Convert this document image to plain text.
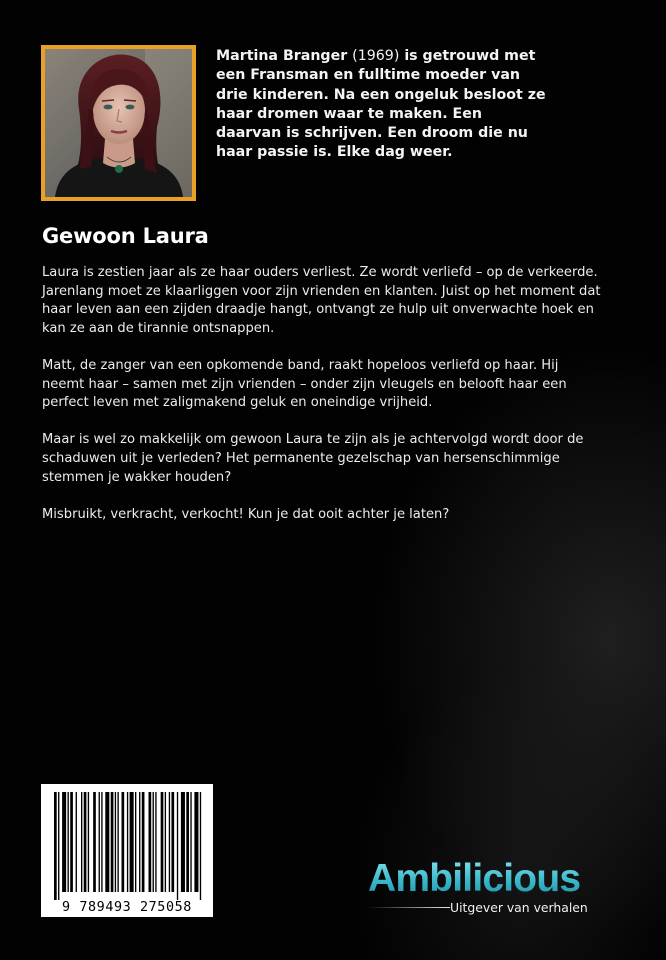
Martina Branger (1969) is getrouwd met een Fransman en fulltime moeder van drie kinderen. Na een ongeluk besloot ze haar dromen waar te maken. Een daarvan is schrijven. Een droom die nu haar passie is. Elke dag weer.

Gewoon Laura

Laura is zestien jaar als ze haar ouders verliest. Ze wordt verliefd – op de verkeerde. Jarenlang moet ze klaarliggen voor zijn vrienden en klanten. Juist op het moment dat haar leven aan een zijden draadje hangt, ontvangt ze hulp uit onverwachte hoek en kan ze aan de tirannie ontsnappen.

Matt, de zanger van een opkomende band, raakt hopeloos verliefd op haar. Hij neemt haar – samen met zijn vrienden – onder zijn vleugels en belooft haar een perfect leven met zaligmakend geluk en oneindige vrijheid.

Maar is wel zo makkelijk om gewoon Laura te zijn als je achtervolgd wordt door de schaduwen uit je verleden? Het permanente gezelschap van hersenschimmige stemmen je wakker houden?

Misbruikt, verkracht, verkocht! Kun je dat ooit achter je laten?

9 789493 275058
Ambilicious
Uitgever van verhalen
